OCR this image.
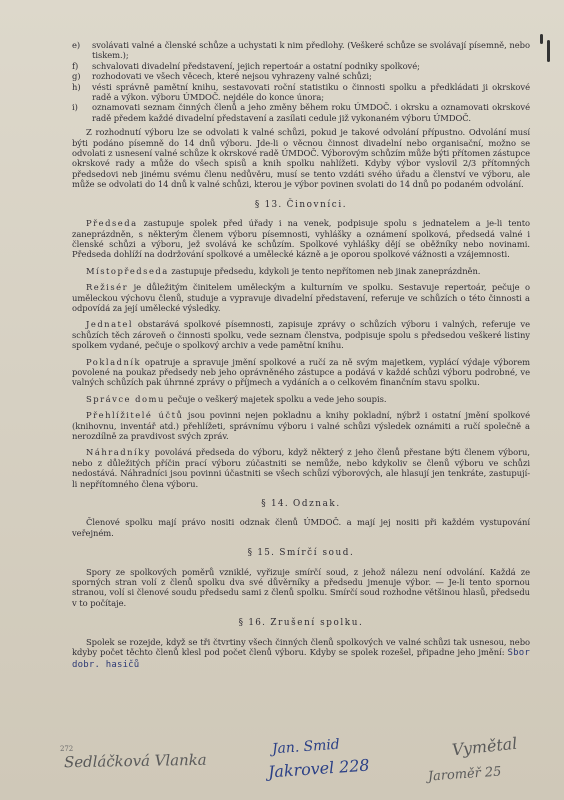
e) svolávati valné a členské schůze a uchystati k nim předlohy. (Veškeré schůze se svolávají písemně, nebo tiskem.);
f) schvalovati divadelní představení, jejich repertoár a ostatní podniky spolkové;
g) rozhodovati ve všech věcech, které nejsou vyhrazeny valné schůzi;
h) vésti správně pamětní knihu, sestavovati roční statistiku o činnosti spolku a předkládati ji okrskové radě a výkon. výboru ÚMDOČ. nejdéle do konce února;
i) oznamovati seznam činných členů a jeho změny během roku ÚMDOČ. i okrsku a oznamovati okrskové radě předem každé divadelní představení a zasílati cedule již vykonaném výboru ÚMDOČ.

Z rozhodnutí výboru lze se odvolati k valné schůzi, pokud je takové odvolání přípustno. Odvolání musí býti podáno písemně do 14 dnů výboru. Jde-li o věcnou činnost divadelní nebo organisační, možno se odvolati z usnesení valné schůze k okrskové radě ÚMDOČ. Výborovým schůzím může býti přítomen zástupce okrskové rady a může do všech spisů a knih spolku nahlížeti. Kdyby výbor vyslovil 2/3 přítomných předsedovi neb jinému svému členu nedůvěru, musí se tento vzdáti svého úřadu a členství ve výboru, ale může se odvolati do 14 dnů k valné schůzi, kterou je výbor povinen svolati do 14 dnů po podaném odvolání.

§ 13. Činovníci.

Předseda zastupuje spolek před úřady i na venek, podpisuje spolu s jednatelem a je-li tento zaneprázdněn, s některým členem výboru písemnosti, vyhlášky a oznámení spolková, předsedá valné i členské schůzi a výboru, jež svolává ke schůzím. Spolkové vyhlášky dějí se oběžníky nebo novinami. Předseda dohlíží na dodržování spolkové a umělecké kázně a je oporou spolkové vážnosti a vzájemnosti.

Místopředseda zastupuje předsedu, kdykoli je tento nepřítomen neb jinak zaneprázdněn.

Režisér je důležitým činitelem uměleckým a kulturním ve spolku. Sestavuje repertoár, pečuje o uměleckou výchovu členů, studuje a vypravuje divadelní představení, referuje ve schůzích o této činnosti a odpovídá za její umělecké výsledky.

Jednatel obstarává spolkové písemnosti, zapisuje zprávy o schůzích výboru i valných, referuje ve schůzích těch zároveň o činnosti spolku, vede seznam členstva, podpisuje spolu s předsedou veškeré listiny spolkem vydané, pečuje o spolkový archiv a vede pamětní knihu.

Pokladník opatruje a spravuje jmění spolkové a ručí za ně svým majetkem, vyplácí výdaje výborem povolené na poukaz předsedy neb jeho oprávněného zástupce a podává v každé schůzi výboru podrobné, ve valných schůzích pak úhrnné zprávy o příjmech a vydáních a o celkovém finančním stavu spolku.

Správce domu pečuje o veškerý majetek spolku a vede jeho soupis.

Přehlížitelé účtů jsou povinni nejen pokladnu a knihy pokladní, nýbrž i ostatní jmění spolkové (knihovnu, inventář atd.) přehlížeti, správnímu výboru i valné schůzi výsledek oznámiti a ručí společně a nerozdílně za pravdivost svých zpráv.

Náhradníky povolává předseda do výboru, když některý z jeho členů přestane býti členem výboru, nebo z důležitých příčin prací výboru zúčastniti se nemůže, nebo kdykoliv se členů výboru ve schůzi nedostává. Náhradníci jsou povinni účastniti se všech schůzí výborových, ale hlasují jen tenkráte, zastupují-li nepřítomného člena výboru.

§ 14. Odznak.

Členové spolku mají právo nositi odznak členů ÚMDOČ. a mají jej nositi při každém vystupování veřejném.

§ 15. Smírčí soud.

Spory ze spolkových poměrů vzniklé, vyřizuje smírčí soud, z jehož nálezu není odvolání. Každá ze sporných stran volí z členů spolku dva své důvěrníky a předsedu jmenuje výbor. — Je-li tento spornou stranou, volí si členové soudu předsedu sami z členů spolku. Smírčí soud rozhodne většinou hlasů, předsedu v to počítaje.

§ 16. Zrušení spolku.

Spolek se rozejde, když se tři čtvrtiny všech činných členů spolkových ve valné schůzi tak usnesou, nebo kdyby počet těchto členů klesl pod počet členů výboru. Kdyby se spolek rozešel, připadne jeho jmění: Sbor dobr. hasičů

272
Sedláčková Vlanka
Jan. Smid
Jakrovel 228
Vymětal
Jaroměř 25
